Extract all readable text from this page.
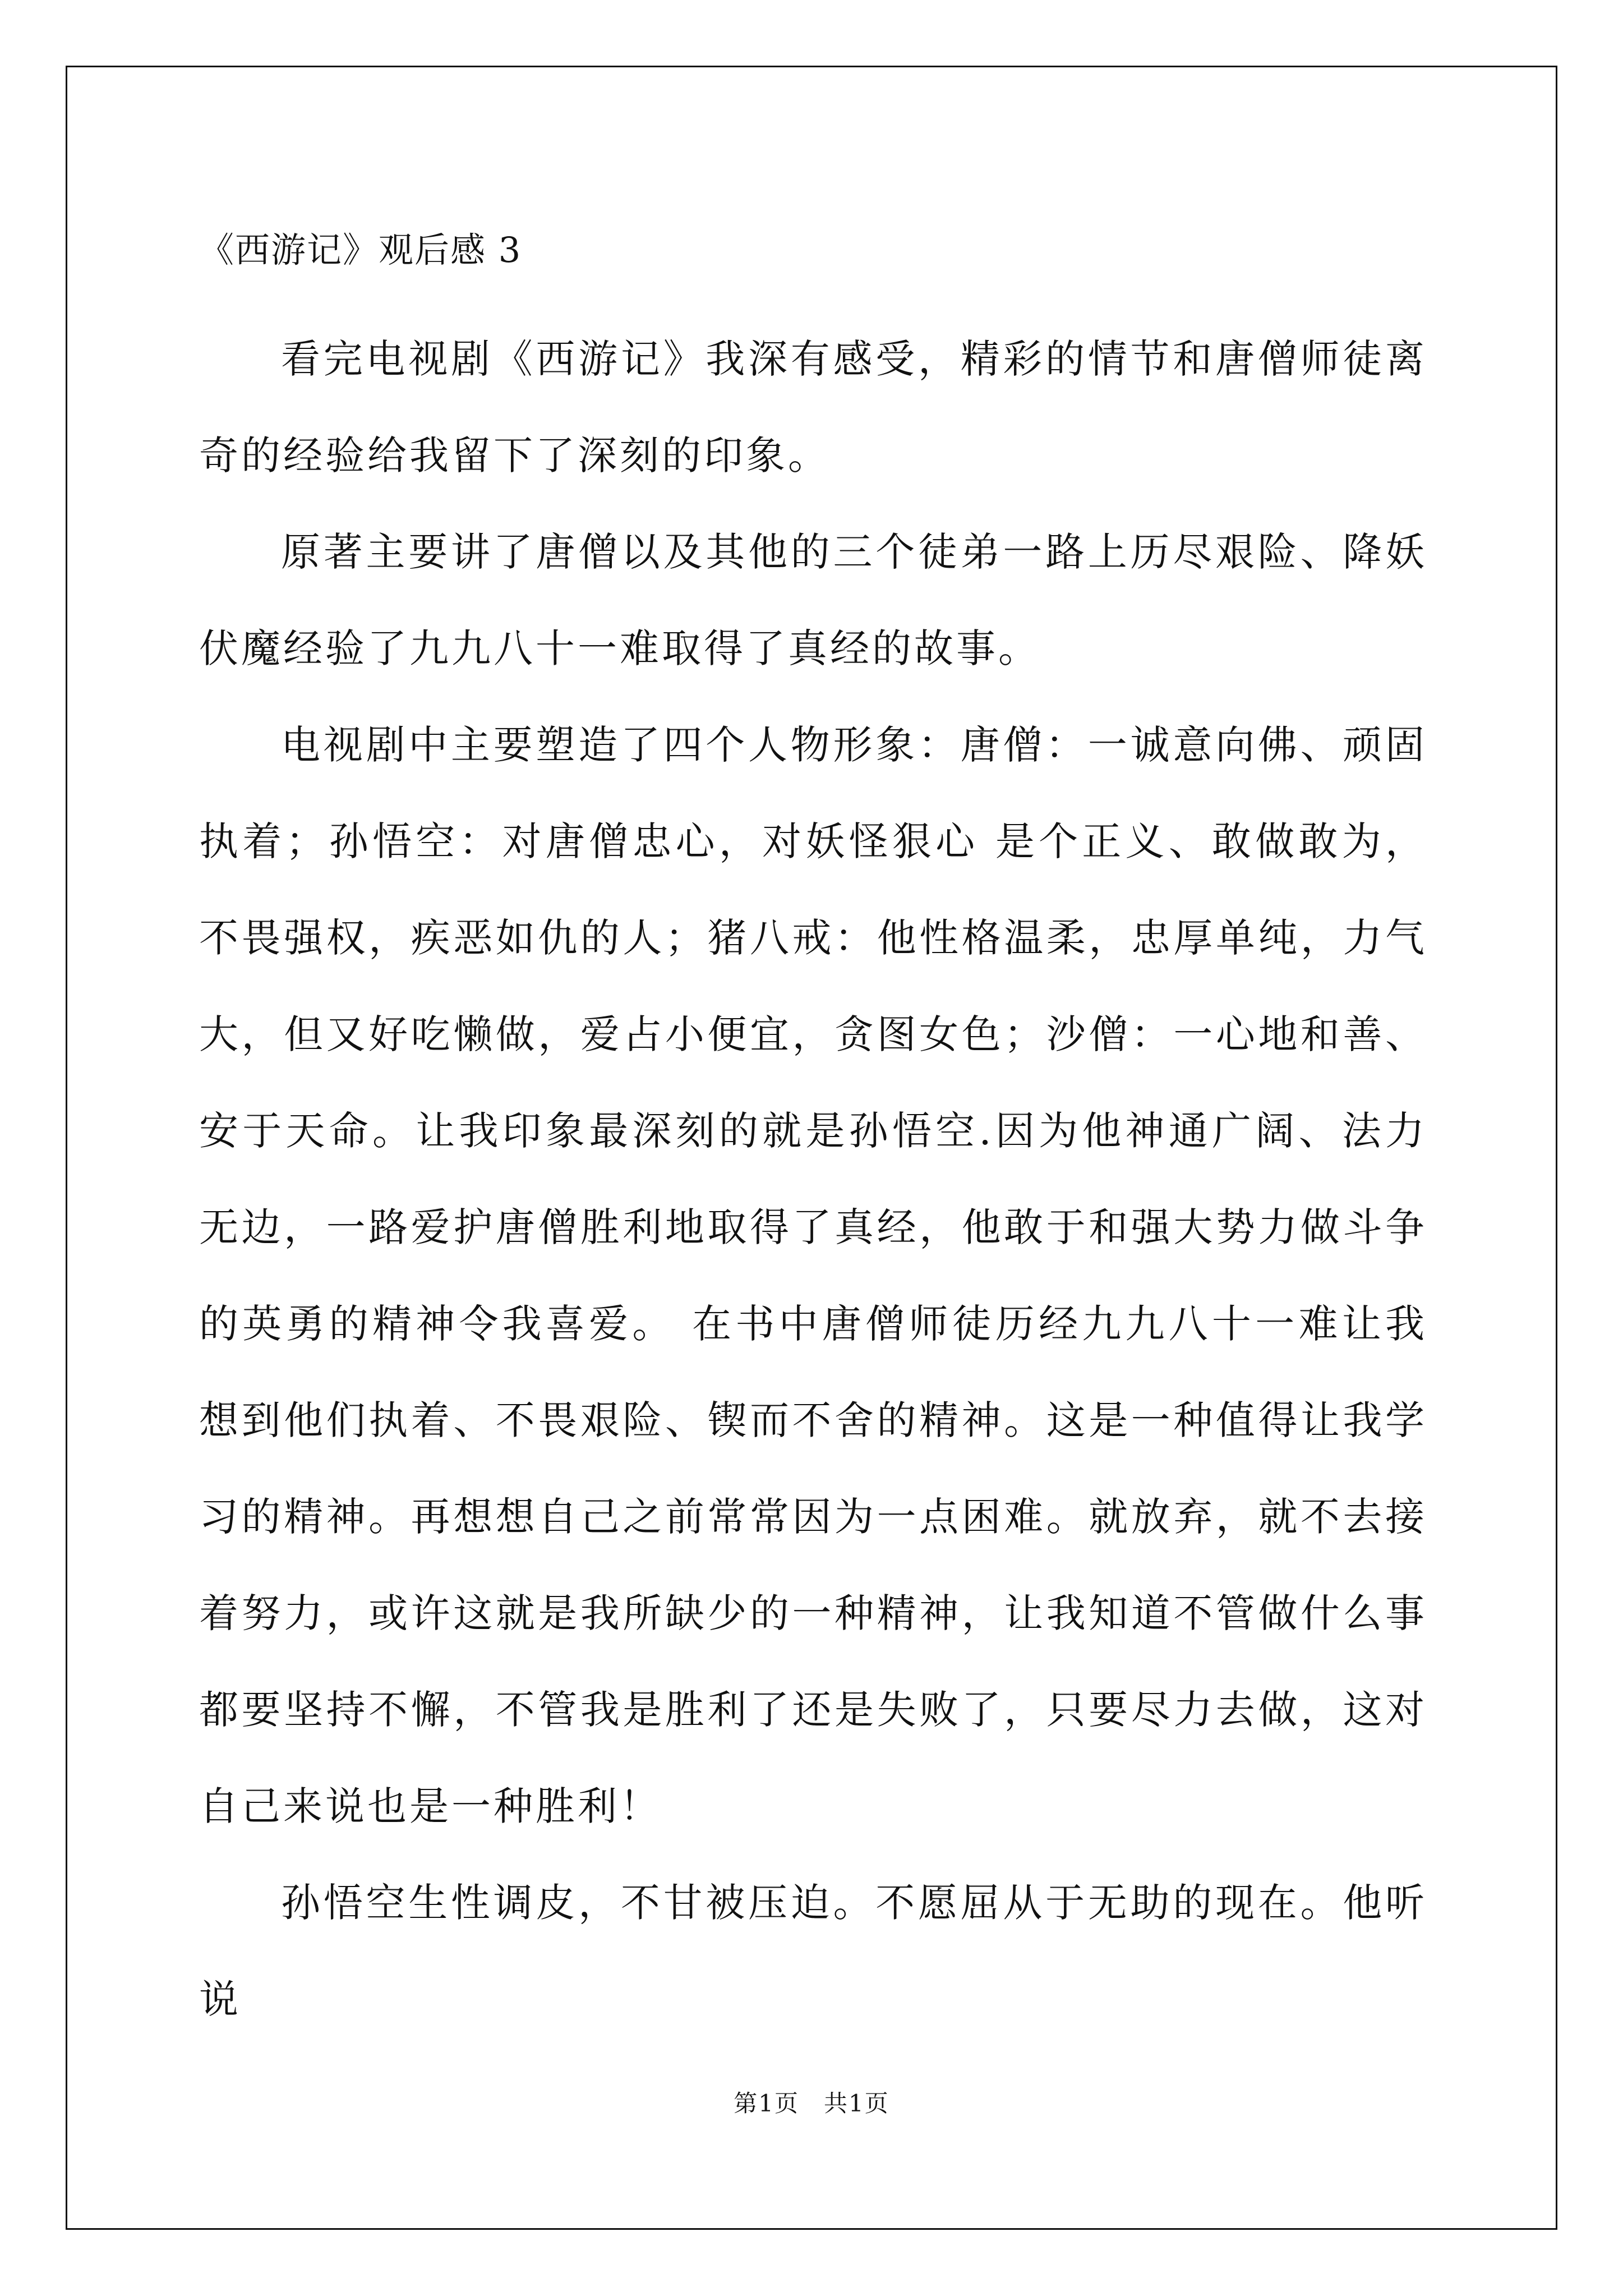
《西游记》观后感 3

看完电视剧《西游记》我深有感受，精彩的情节和唐僧师徒离奇的经验给我留下了深刻的印象。

原著主要讲了唐僧以及其他的三个徒弟一路上历尽艰险、降妖伏魔经验了九九八十一难取得了真经的故事。

电视剧中主要塑造了四个人物形象：唐僧：一诚意向佛、顽固执着；孙悟空：对唐僧忠心，对妖怪狠心 是个正义、敢做敢为，不畏强权，疾恶如仇的人；猪八戒：他性格温柔，忠厚单纯，力气大，但又好吃懒做，爱占小便宜，贪图女色；沙僧：一心地和善、安于天命。让我印象最深刻的就是孙悟空.因为他神通广阔、法力无边，一路爱护唐僧胜利地取得了真经，他敢于和强大势力做斗争的英勇的精神令我喜爱。 在书中唐僧师徒历经九九八十一难让我想到他们执着、不畏艰险、锲而不舍的精神。这是一种值得让我学习的精神。再想想自己之前常常因为一点困难。就放弃，就不去接着努力，或许这就是我所缺少的一种精神，让我知道不管做什么事都要坚持不懈，不管我是胜利了还是失败了，只要尽力去做，这对自己来说也是一种胜利！

孙悟空生性调皮，不甘被压迫。不愿屈从于无助的现在。他听说

第1页　共1页
